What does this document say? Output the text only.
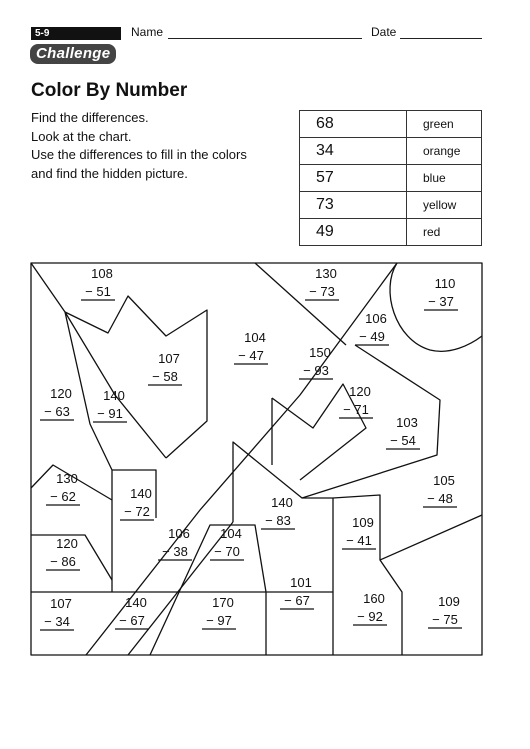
5-9	Name	Date
Challenge
Color By Number
Find the differences.
Look at the chart.
Use the differences to fill in the colors
and find the hidden picture.
68	green
34	orange
57	blue
73	yellow
49	red
108
− 51
130
− 73
110
− 37
106
− 49
107
− 58
104
− 47	150
− 93
120
− 63
140
− 91
120
− 71
103
− 54
130
− 62	140
− 72
105
− 48
140
− 83	109
− 41
106
− 38
104
− 70
120
− 86
101
− 67
107
− 34
140
− 67
170
− 97
160
− 92
109
− 75
